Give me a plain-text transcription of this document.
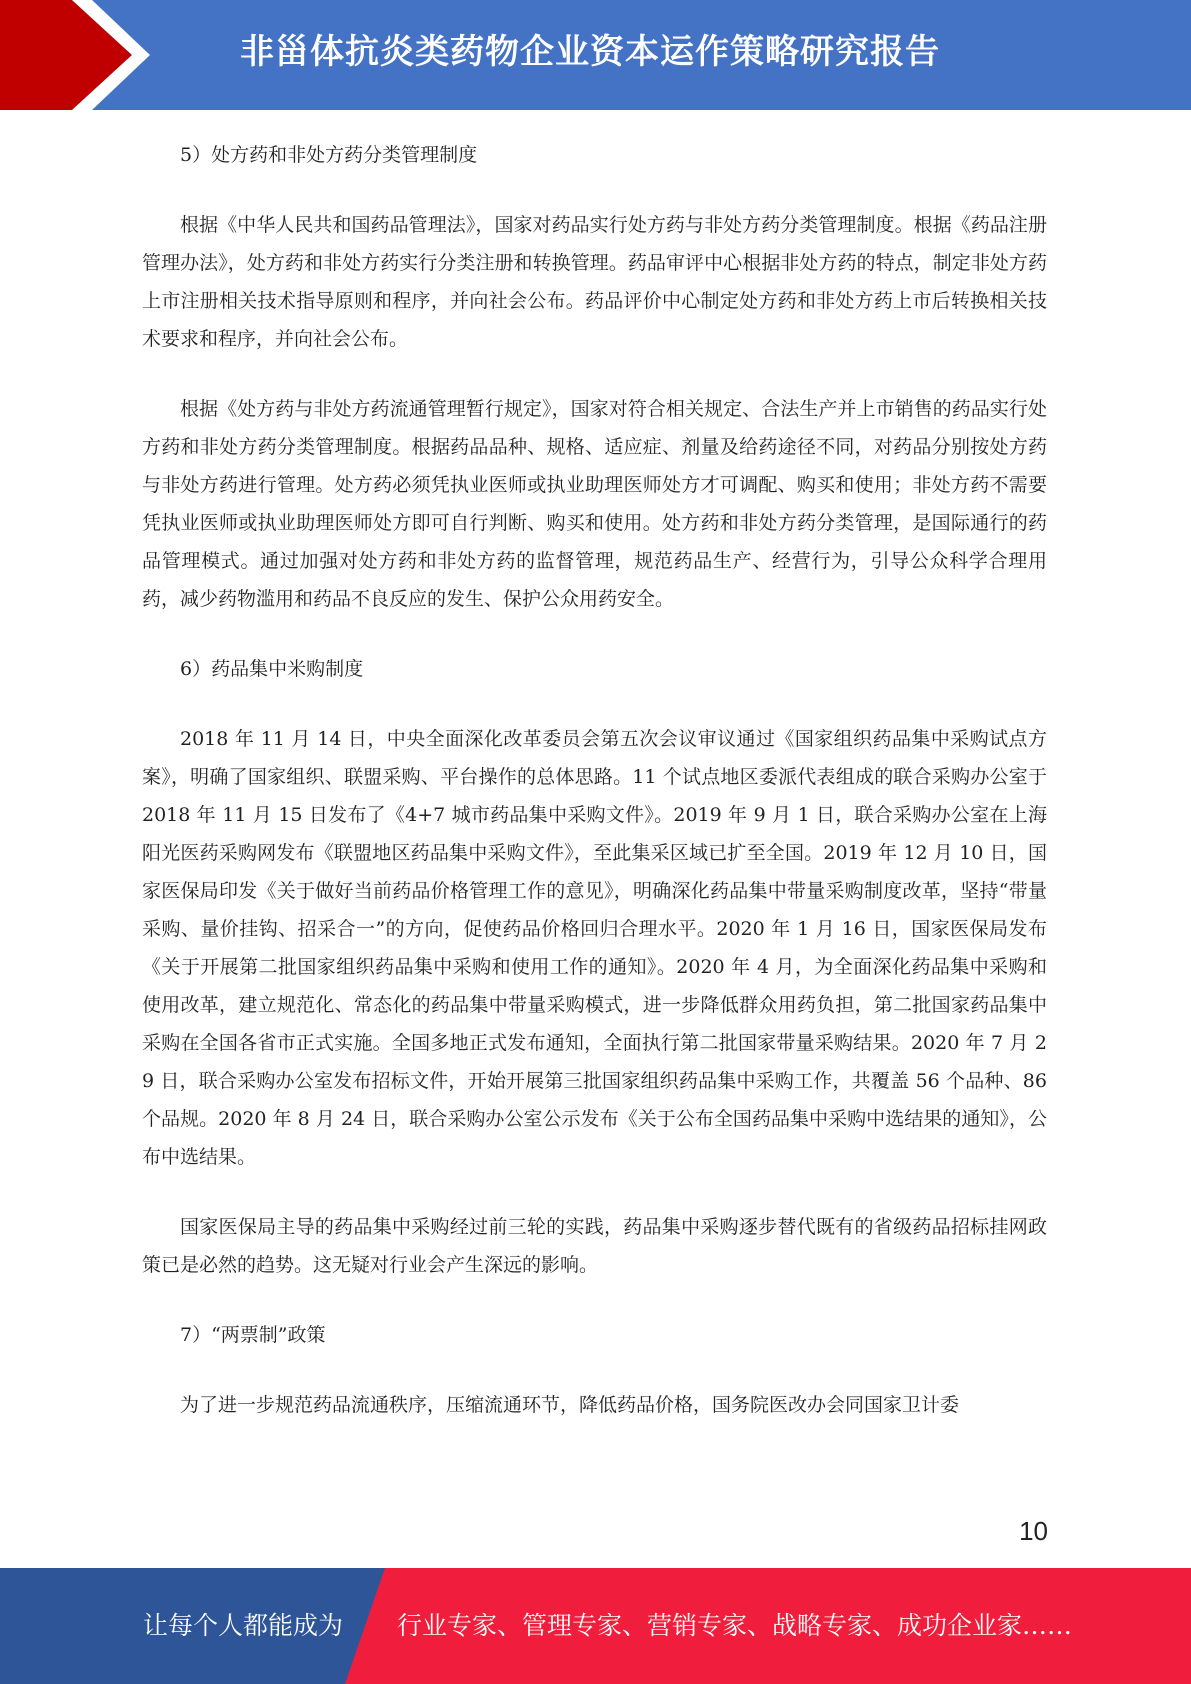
非甾体抗炎类药物企业资本运作策略研究报告

5）处方药和非处方药分类管理制度

根据《中华人民共和国药品管理法》，国家对药品实行处方药与非处方药分类管理制度。根据《药品注册管理办法》，处方药和非处方药实行分类注册和转换管理。药品审评中心根据非处方药的特点，制定非处方药上市注册相关技术指导原则和程序，并向社会公布。药品评价中心制定处方药和非处方药上市后转换相关技术要求和程序，并向社会公布。

根据《处方药与非处方药流通管理暂行规定》，国家对符合相关规定、合法生产并上市销售的药品实行处方药和非处方药分类管理制度。根据药品品种、规格、适应症、剂量及给药途径不同，对药品分别按处方药与非处方药进行管理。处方药必须凭执业医师或执业助理医师处方才可调配、购买和使用；非处方药不需要凭执业医师或执业助理医师处方即可自行判断、购买和使用。处方药和非处方药分类管理，是国际通行的药品管理模式。通过加强对处方药和非处方药的监督管理，规范药品生产、经营行为，引导公众科学合理用药，减少药物滥用和药品不良反应的发生、保护公众用药安全。

6）药品集中米购制度

2018 年 11 月 14 日，中央全面深化改革委员会第五次会议审议通过《国家组织药品集中采购试点方案》，明确了国家组织、联盟采购、平台操作的总体思路。11 个试点地区委派代表组成的联合采购办公室于 2018 年 11 月 15 日发布了《4+7 城市药品集中采购文件》。2019 年 9 月 1 日，联合采购办公室在上海阳光医药采购网发布《联盟地区药品集中采购文件》，至此集采区域已扩至全国。2019 年 12 月 10 日，国家医保局印发《关于做好当前药品价格管理工作的意见》，明确深化药品集中带量采购制度改革，坚持“带量采购、量价挂钩、招采合一”的方向，促使药品价格回归合理水平。2020 年 1 月 16 日，国家医保局发布《关于开展第二批国家组织药品集中采购和使用工作的通知》。2020 年 4 月，为全面深化药品集中采购和使用改革，建立规范化、常态化的药品集中带量采购模式，进一步降低群众用药负担，第二批国家药品集中采购在全国各省市正式实施。全国多地正式发布通知，全面执行第二批国家带量采购结果。2020 年 7 月 29 日，联合采购办公室发布招标文件，开始开展第三批国家组织药品集中采购工作，共覆盖 56 个品种、86 个品规。2020 年 8 月 24 日，联合采购办公室公示发布《关于公布全国药品集中采购中选结果的通知》，公布中选结果。

国家医保局主导的药品集中采购经过前三轮的实践，药品集中采购逐步替代既有的省级药品招标挂网政策已是必然的趋势。这无疑对行业会产生深远的影响。

7）“两票制”政策

为了进一步规范药品流通秩序，压缩流通环节，降低药品价格，国务院医改办会同国家卫计委

10
让每个人都能成为 行业专家、管理专家、营销专家、战略专家、成功企业家……
